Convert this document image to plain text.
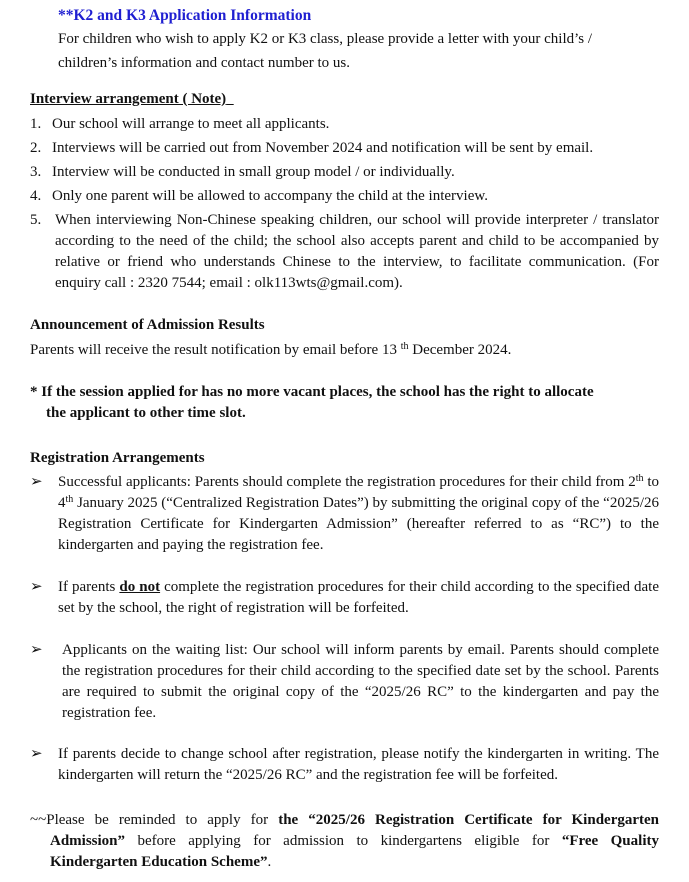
**K2 and K3 Application Information
For children who wish to apply K2 or K3 class, please provide a letter with your child’s /
children’s information and contact number to us.
Interview arrangement ( Note)
1. Our school will arrange to meet all applicants.
2. Interviews will be carried out from November 2024 and notification will be sent by email.
3. Interview will be conducted in small group model / or individually.
4. Only one parent will be allowed to accompany the child at the interview.
5. When interviewing Non-Chinese speaking children, our school will provide interpreter / translator according to the need of the child; the school also accepts parent and child to be accompanied by relative or friend who understands Chinese to the interview, to facilitate communication. (For enquiry call : 2320 7544; email : olk113wts@gmail.com).
Announcement of Admission Results
Parents will receive the result notification by email before 13 $^{th}$ December 2024.
* If the session applied for has no more vacant places, the school has the right to allocate
the applicant to other time slot.
Registration Arrangements
➢ Successful applicants: Parents should complete the registration procedures for their child from 2th to 4th January 2025 (“Centralized Registration Dates”) by submitting the original copy of the “2025/26 Registration Certificate for Kindergarten Admission” (hereafter referred to as “RC”) to the kindergarten and paying the registration fee.
➢ If parents do not complete the registration procedures for their child according to the specified date set by the school, the right of registration will be forfeited.
➢ Applicants on the waiting list: Our school will inform parents by email. Parents should complete the registration procedures for their child according to the specified date set by the school. Parents are required to submit the original copy of the “2025/26 RC” to the kindergarten and pay the registration fee.
➢ If parents decide to change school after registration, please notify the kindergarten in writing. The kindergarten will return the “2025/26 RC” and the registration fee will be forfeited.
~~Please be reminded to apply for the “2025/26 Registration Certificate for Kindergarten Admission” before applying for admission to kindergartens eligible for “Free Quality Kindergarten Education Scheme”.
